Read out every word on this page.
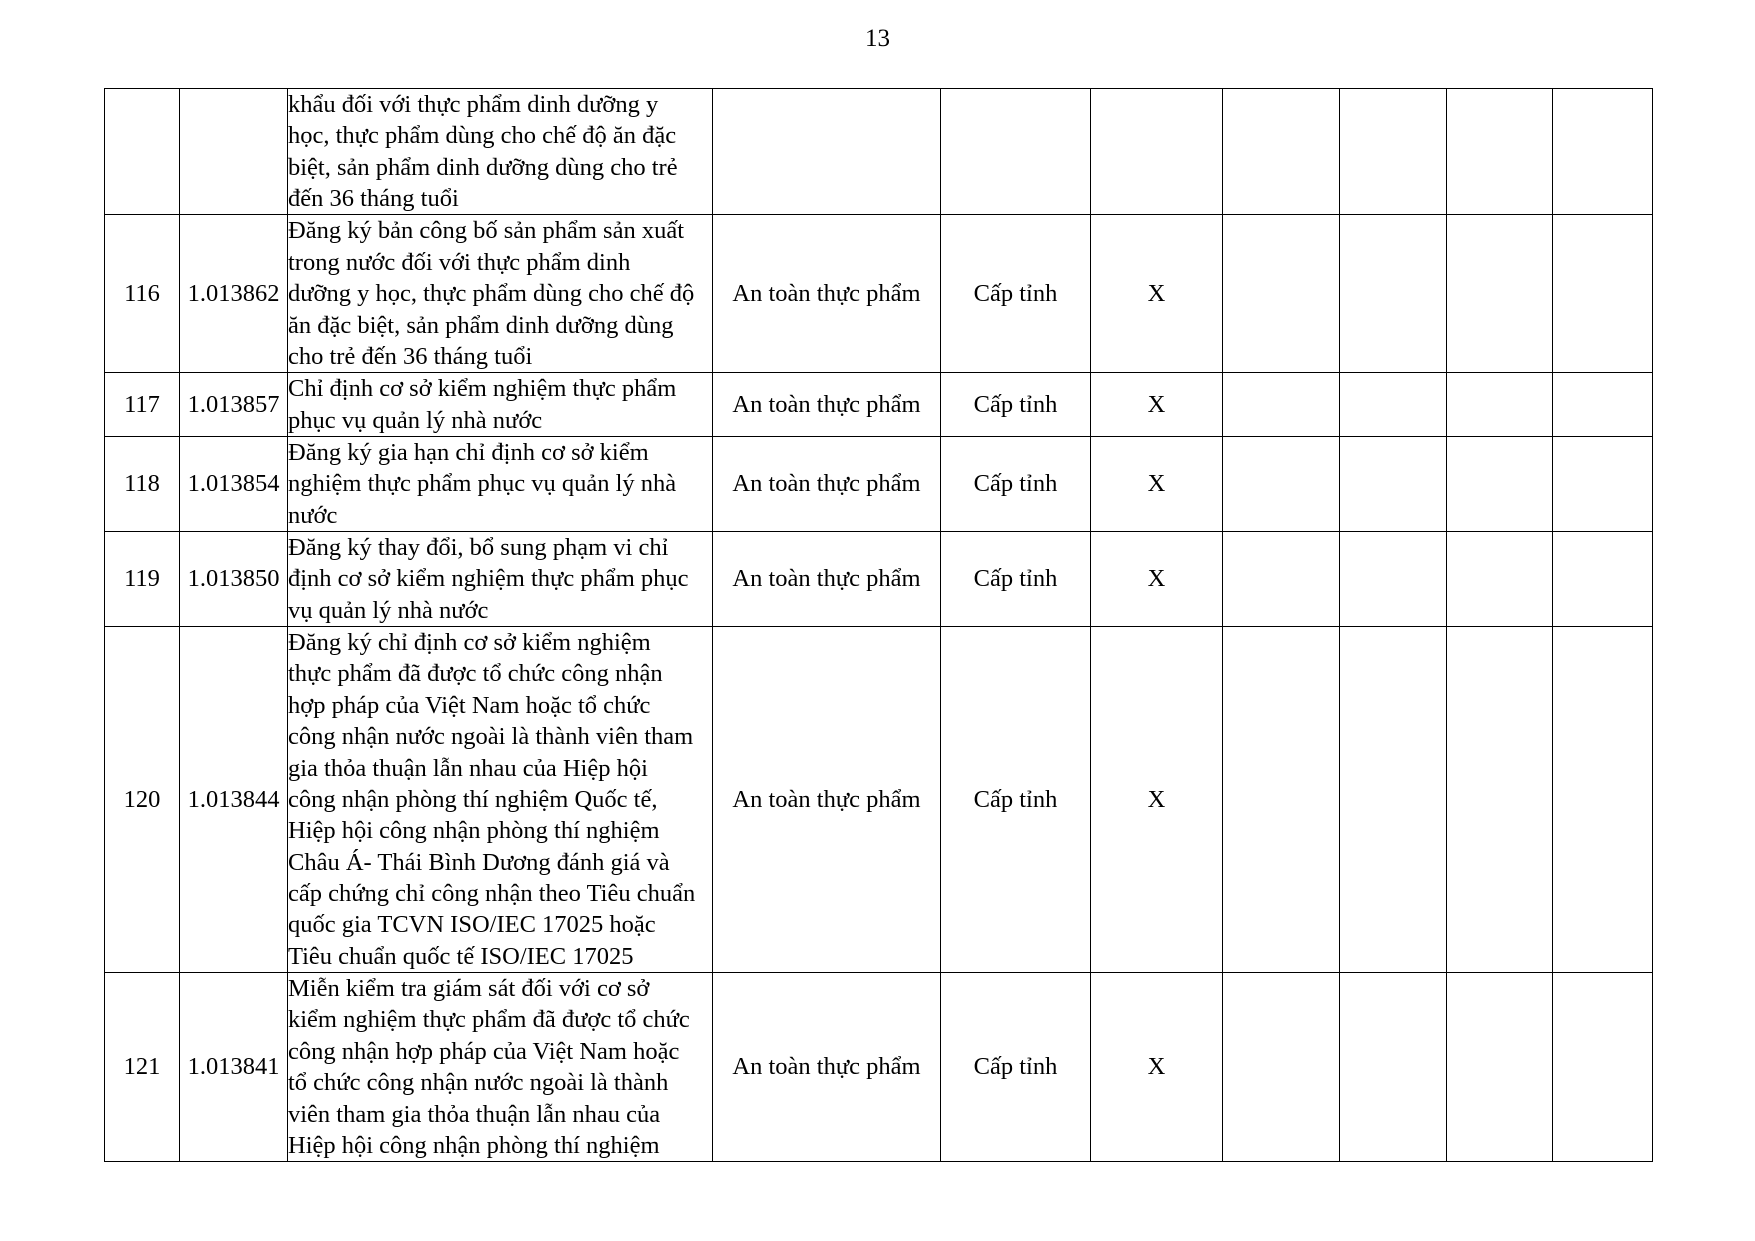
13

		khẩu đối với thực phẩm dinh dưỡng y

học, thực phẩm dùng cho chế độ ăn đặc

biệt, sản phẩm dinh dưỡng dùng cho trẻ

đến 36 tháng tuổi							

116	1.013862	Đăng ký bản công bố sản phẩm sản xuất

trong nước đối với thực phẩm dinh

dưỡng y học, thực phẩm dùng cho chế độ

ăn đặc biệt, sản phẩm dinh dưỡng dùng

cho trẻ đến 36 tháng tuổi	An toàn thực phẩm	Cấp tỉnh	X				
117	1.013857	Chỉ định cơ sở kiểm nghiệm thực phẩm

phục vụ quản lý nhà nước	An toàn thực phẩm	Cấp tỉnh	X				
118	1.013854	Đăng ký gia hạn chỉ định cơ sở kiểm

nghiệm thực phẩm phục vụ quản lý nhà

nước	An toàn thực phẩm	Cấp tỉnh	X				
119	1.013850	Đăng ký thay đổi, bổ sung phạm vi chỉ

định cơ sở kiểm nghiệm thực phẩm phục

vụ quản lý nhà nước	An toàn thực phẩm	Cấp tỉnh	X				
120	1.013844	

Đăng ký chỉ định cơ sở kiểm nghiệm

thực phẩm đã được tổ chức công nhận

hợp pháp của Việt Nam hoặc tổ chức

công nhận nước ngoài là thành viên tham

gia thỏa thuận lẫn nhau của Hiệp hội

công nhận phòng thí nghiệm Quốc tế,

Hiệp hội công nhận phòng thí nghiệm

Châu Á- Thái Bình Dương đánh giá và

cấp chứng chỉ công nhận theo Tiêu chuẩn

quốc gia TCVN ISO/IEC 17025 hoặc

Tiêu chuẩn quốc tế ISO/IEC 17025

	An toàn thực phẩm	Cấp tỉnh	X				
121	1.013841	

Miễn kiểm tra giám sát đối với cơ sở

kiểm nghiệm thực phẩm đã được tổ chức

công nhận hợp pháp của Việt Nam hoặc

tổ chức công nhận nước ngoài là thành

viên tham gia thỏa thuận lẫn nhau của

Hiệp hội công nhận phòng thí nghiệm

	An toàn thực phẩm	Cấp tỉnh	X				
